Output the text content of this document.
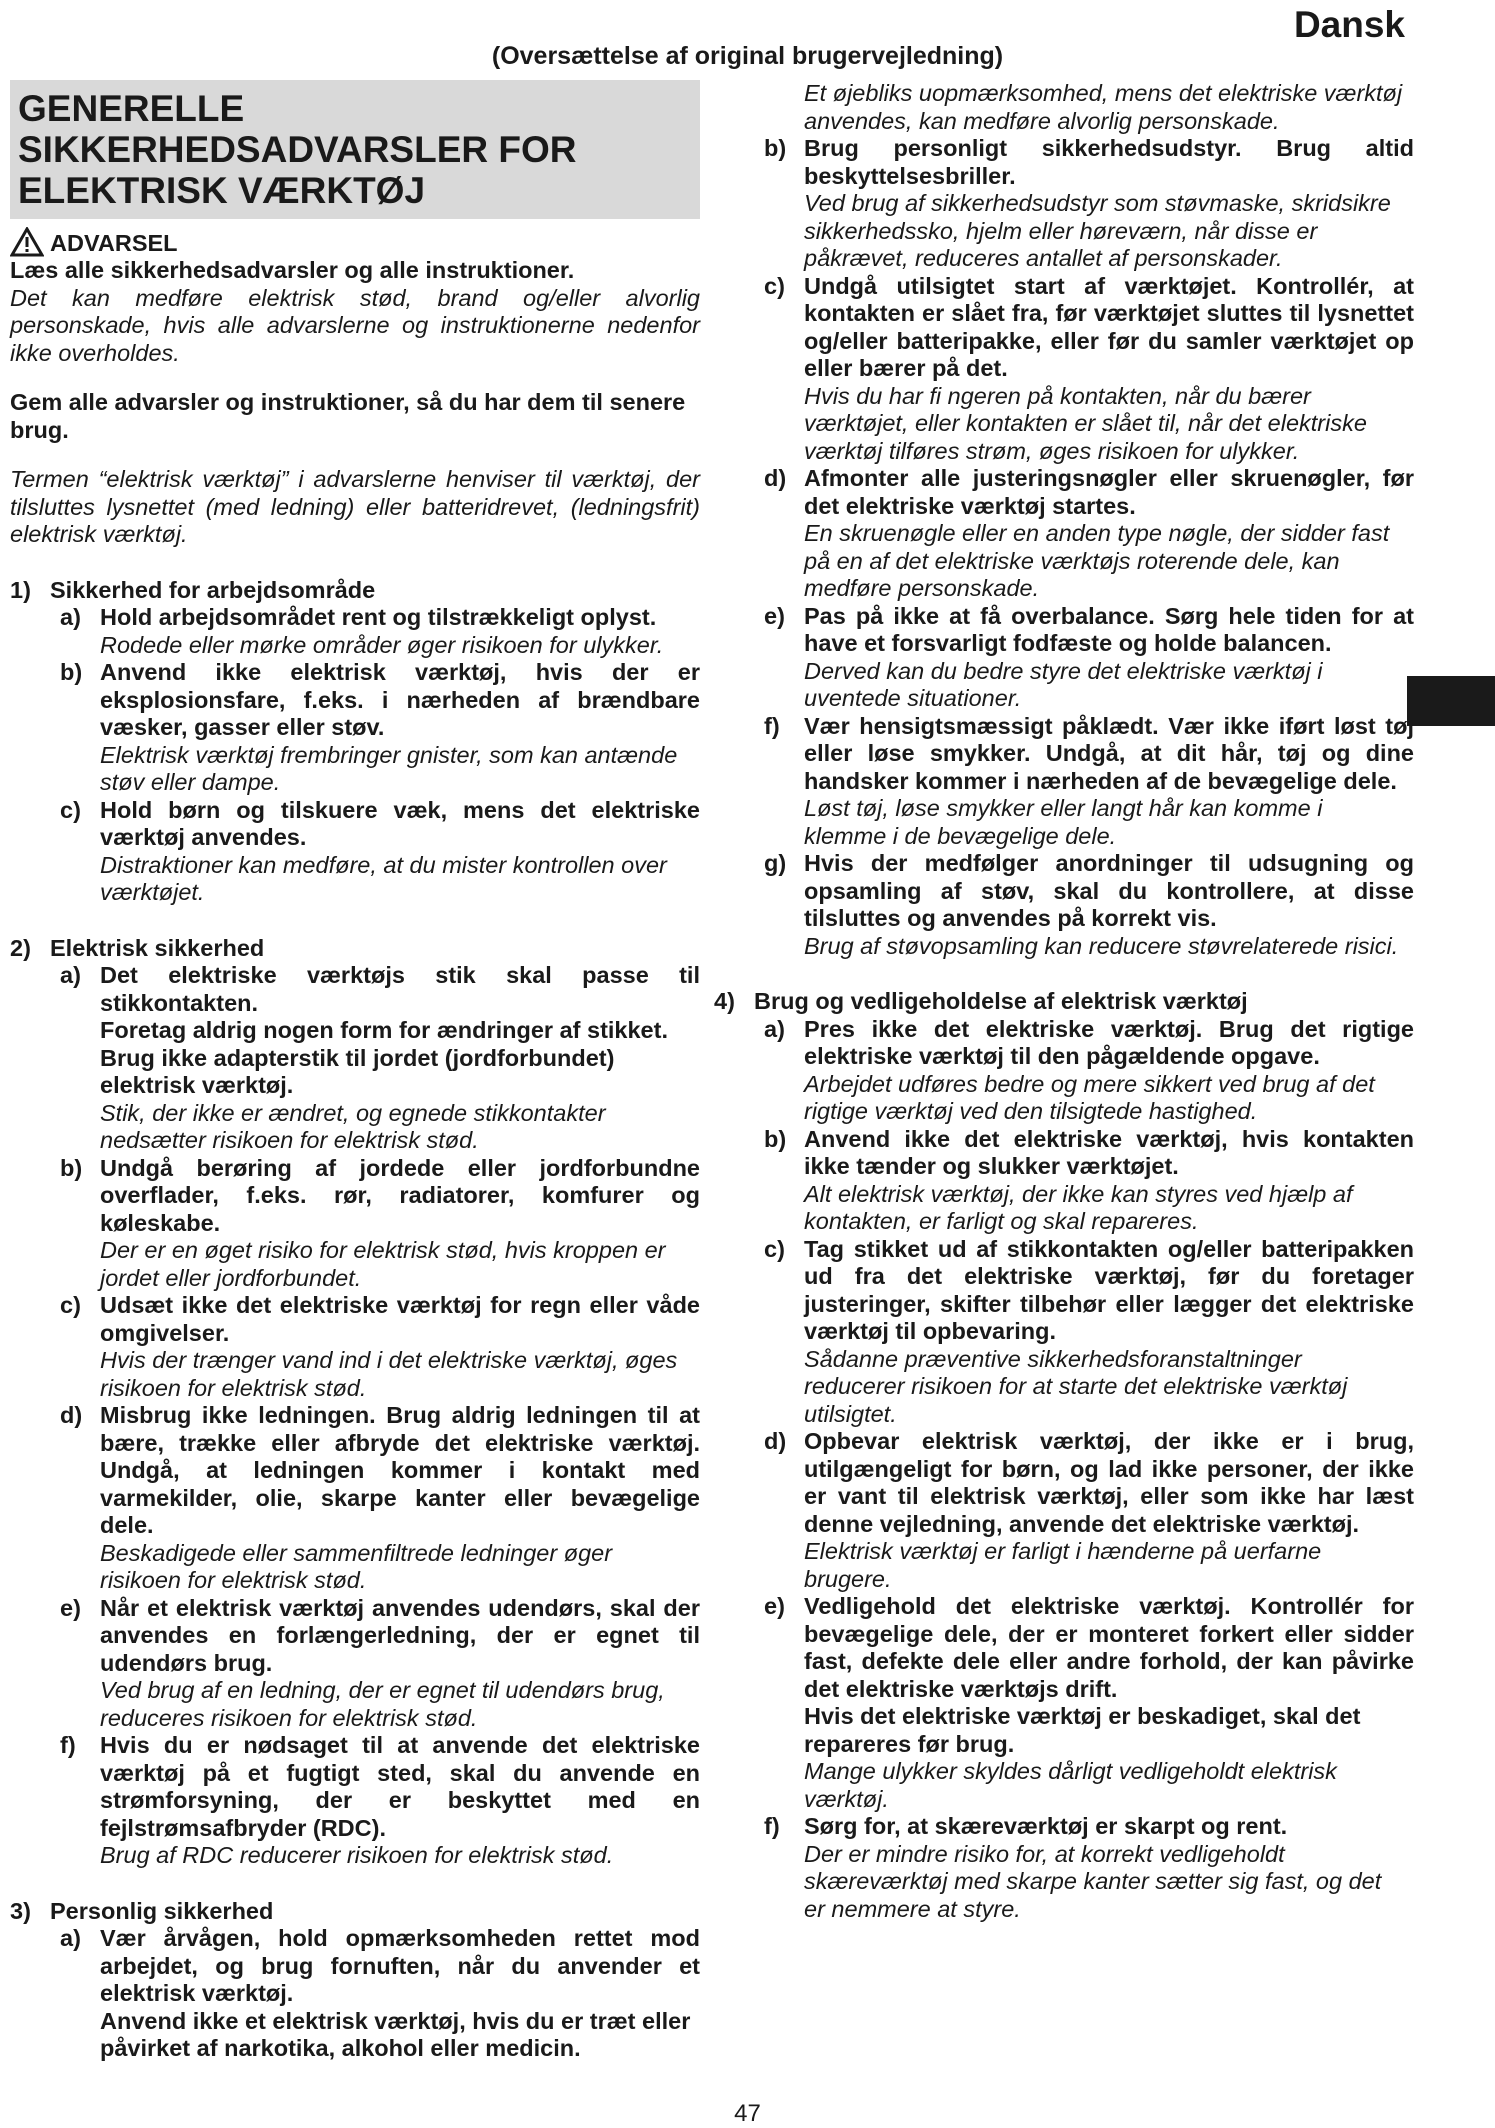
Dansk
(Oversættelse af original brugervejledning)
GENERELLE
SIKKERHEDSADVARSLER FOR
ELEKTRISK VÆRKTØJ
ADVARSEL

Læs alle sikkerhedsadvarsler og alle instruktioner.

Det kan medføre elektrisk stød, brand og/eller alvorlig personskade, hvis alle advarslerne og instruktionerne nedenfor ikke overholdes.

Gem alle advarsler og instruktioner, så du har dem til senere brug.

Termen “elektrisk værktøj” i advarslerne henviser til værktøj, der tilsluttes lysnettet (med ledning) eller batteridrevet, (ledningsfrit) elektrisk værktøj.

1) Sikkerhed for arbejdsområde
a) Hold arbejdsområdet rent og tilstrækkeligt oplyst.

Rodede eller mørke områder øger risikoen for ulykker.

b) Anvend ikke elektrisk værktøj, hvis der er eksplosionsfare, f.eks. i nærheden af brændbare væsker, gasser eller støv.

Elektrisk værktøj frembringer gnister, som kan antænde støv eller dampe.

c) Hold børn og tilskuere væk, mens det elektriske værktøj anvendes.

Distraktioner kan medføre, at du mister kontrollen over værktøjet.

2) Elektrisk sikkerhed
a) Det elektriske værktøjs stik skal passe til stikkontakten.

Foretag aldrig nogen form for ændringer af stikket.

Brug ikke adapterstik til jordet (jordforbundet) elektrisk værktøj.

Stik, der ikke er ændret, og egnede stikkontakter nedsætter risikoen for elektrisk stød.

b) Undgå berøring af jordede eller jordforbundne overflader, f.eks. rør, radiatorer, komfurer og køleskabe.

Der er en øget risiko for elektrisk stød, hvis kroppen er jordet eller jordforbundet.

c) Udsæt ikke det elektriske værktøj for regn eller våde omgivelser.

Hvis der trænger vand ind i det elektriske værktøj, øges risikoen for elektrisk stød.

d) Misbrug ikke ledningen. Brug aldrig ledningen til at bære, trække eller afbryde det elektriske værktøj. Undgå, at ledningen kommer i kontakt med varmekilder, olie, skarpe kanter eller bevægelige dele.

Beskadigede eller sammenfiltrede ledninger øger risikoen for elektrisk stød.

e) Når et elektrisk værktøj anvendes udendørs, skal der anvendes en forlængerledning, der er egnet til udendørs brug.

Ved brug af en ledning, der er egnet til udendørs brug, reduceres risikoen for elektrisk stød.

f)	Hvis du er nødsaget til at anvende det elektriske værktøj på et fugtigt sted, skal du anvende en strømforsyning, der er beskyttet med en fejlstrømsafbryder (RDC).

Brug af RDC reducerer risikoen for elektrisk stød.

3) Personlig sikkerhed
a) Vær årvågen, hold opmærksomheden rettet mod arbejdet, og brug fornuften, når du anvender et elektrisk værktøj.

Anvend ikke et elektrisk værktøj, hvis du er træt eller påvirket af narkotika, alkohol eller medicin.

Et øjebliks uopmærksomhed, mens det elektriske værktøj anvendes, kan medføre alvorlig personskade.

b) Brug personligt sikkerhedsudstyr. Brug altid beskyttelsesbriller.

Ved brug af sikkerhedsudstyr som støvmaske, skridsikre sikkerhedssko, hjelm eller høreværn, når disse er påkrævet, reduceres antallet af personskader.

c) Undgå utilsigtet start af værktøjet. Kontrollér, at kontakten er slået fra, før værktøjet sluttes til lysnettet og/eller batteripakke, eller før du samler værktøjet op eller bærer på det.

Hvis du har fi ngeren på kontakten, når du bærer værktøjet, eller kontakten er slået til, når det elektriske værktøj tilføres strøm, øges risikoen for ulykker.

d) Afmonter alle justeringsnøgler eller skruenøgler, før det elektriske værktøj startes.

En skruenøgle eller en anden type nøgle, der sidder fast på en af det elektriske værktøjs roterende dele, kan medføre personskade.

e) Pas på ikke at få overbalance. Sørg hele tiden for at have et forsvarligt fodfæste og holde balancen.

Derved kan du bedre styre det elektriske værktøj i uventede situationer.

f)	Vær hensigtsmæssigt påklædt. Vær ikke iført løst tøj eller løse smykker. Undgå, at dit hår, tøj og dine handsker kommer i nærheden af de bevægelige dele.

Løst tøj, løse smykker eller langt hår kan komme i klemme i de bevægelige dele.

g) Hvis der medfølger anordninger til udsugning og opsamling af støv, skal du kontrollere, at disse tilsluttes og anvendes på korrekt vis.

Brug af støvopsamling kan reducere støvrelaterede risici.

4) Brug og vedligeholdelse af elektrisk værktøj
a) Pres ikke det elektriske værktøj. Brug det rigtige elektriske værktøj til den pågældende opgave.

Arbejdet udføres bedre og mere sikkert ved brug af det rigtige værktøj ved den tilsigtede hastighed.

b) Anvend ikke det elektriske værktøj, hvis kontakten ikke tænder og slukker værktøjet.

Alt elektrisk værktøj, der ikke kan styres ved hjælp af kontakten, er farligt og skal repareres.

c) Tag stikket ud af stikkontakten og/eller batteripakken ud fra det elektriske værktøj, før du foretager justeringer, skifter tilbehør eller lægger det elektriske værktøj til opbevaring.

Sådanne præventive sikkerhedsforanstaltninger reducerer risikoen for at starte det elektriske værktøj utilsigtet.

d) Opbevar elektrisk værktøj, der ikke er i brug, utilgængeligt for børn, og lad ikke personer, der ikke er vant til elektrisk værktøj, eller som ikke har læst denne vejledning, anvende det elektriske værktøj.

Elektrisk værktøj er farligt i hænderne på uerfarne brugere.

e) Vedligehold det elektriske værktøj. Kontrollér for bevægelige dele, der er monteret forkert eller sidder fast, defekte dele eller andre forhold, der kan påvirke det elektriske værktøjs drift.

Hvis det elektriske værktøj er beskadiget, skal det repareres før brug.

Mange ulykker skyldes dårligt vedligeholdt elektrisk værktøj.

f)	Sørg for, at skæreværktøj er skarpt og rent.

Der er mindre risiko for, at korrekt vedligeholdt skæreværktøj med skarpe kanter sætter sig fast, og det er nemmere at styre.

47
